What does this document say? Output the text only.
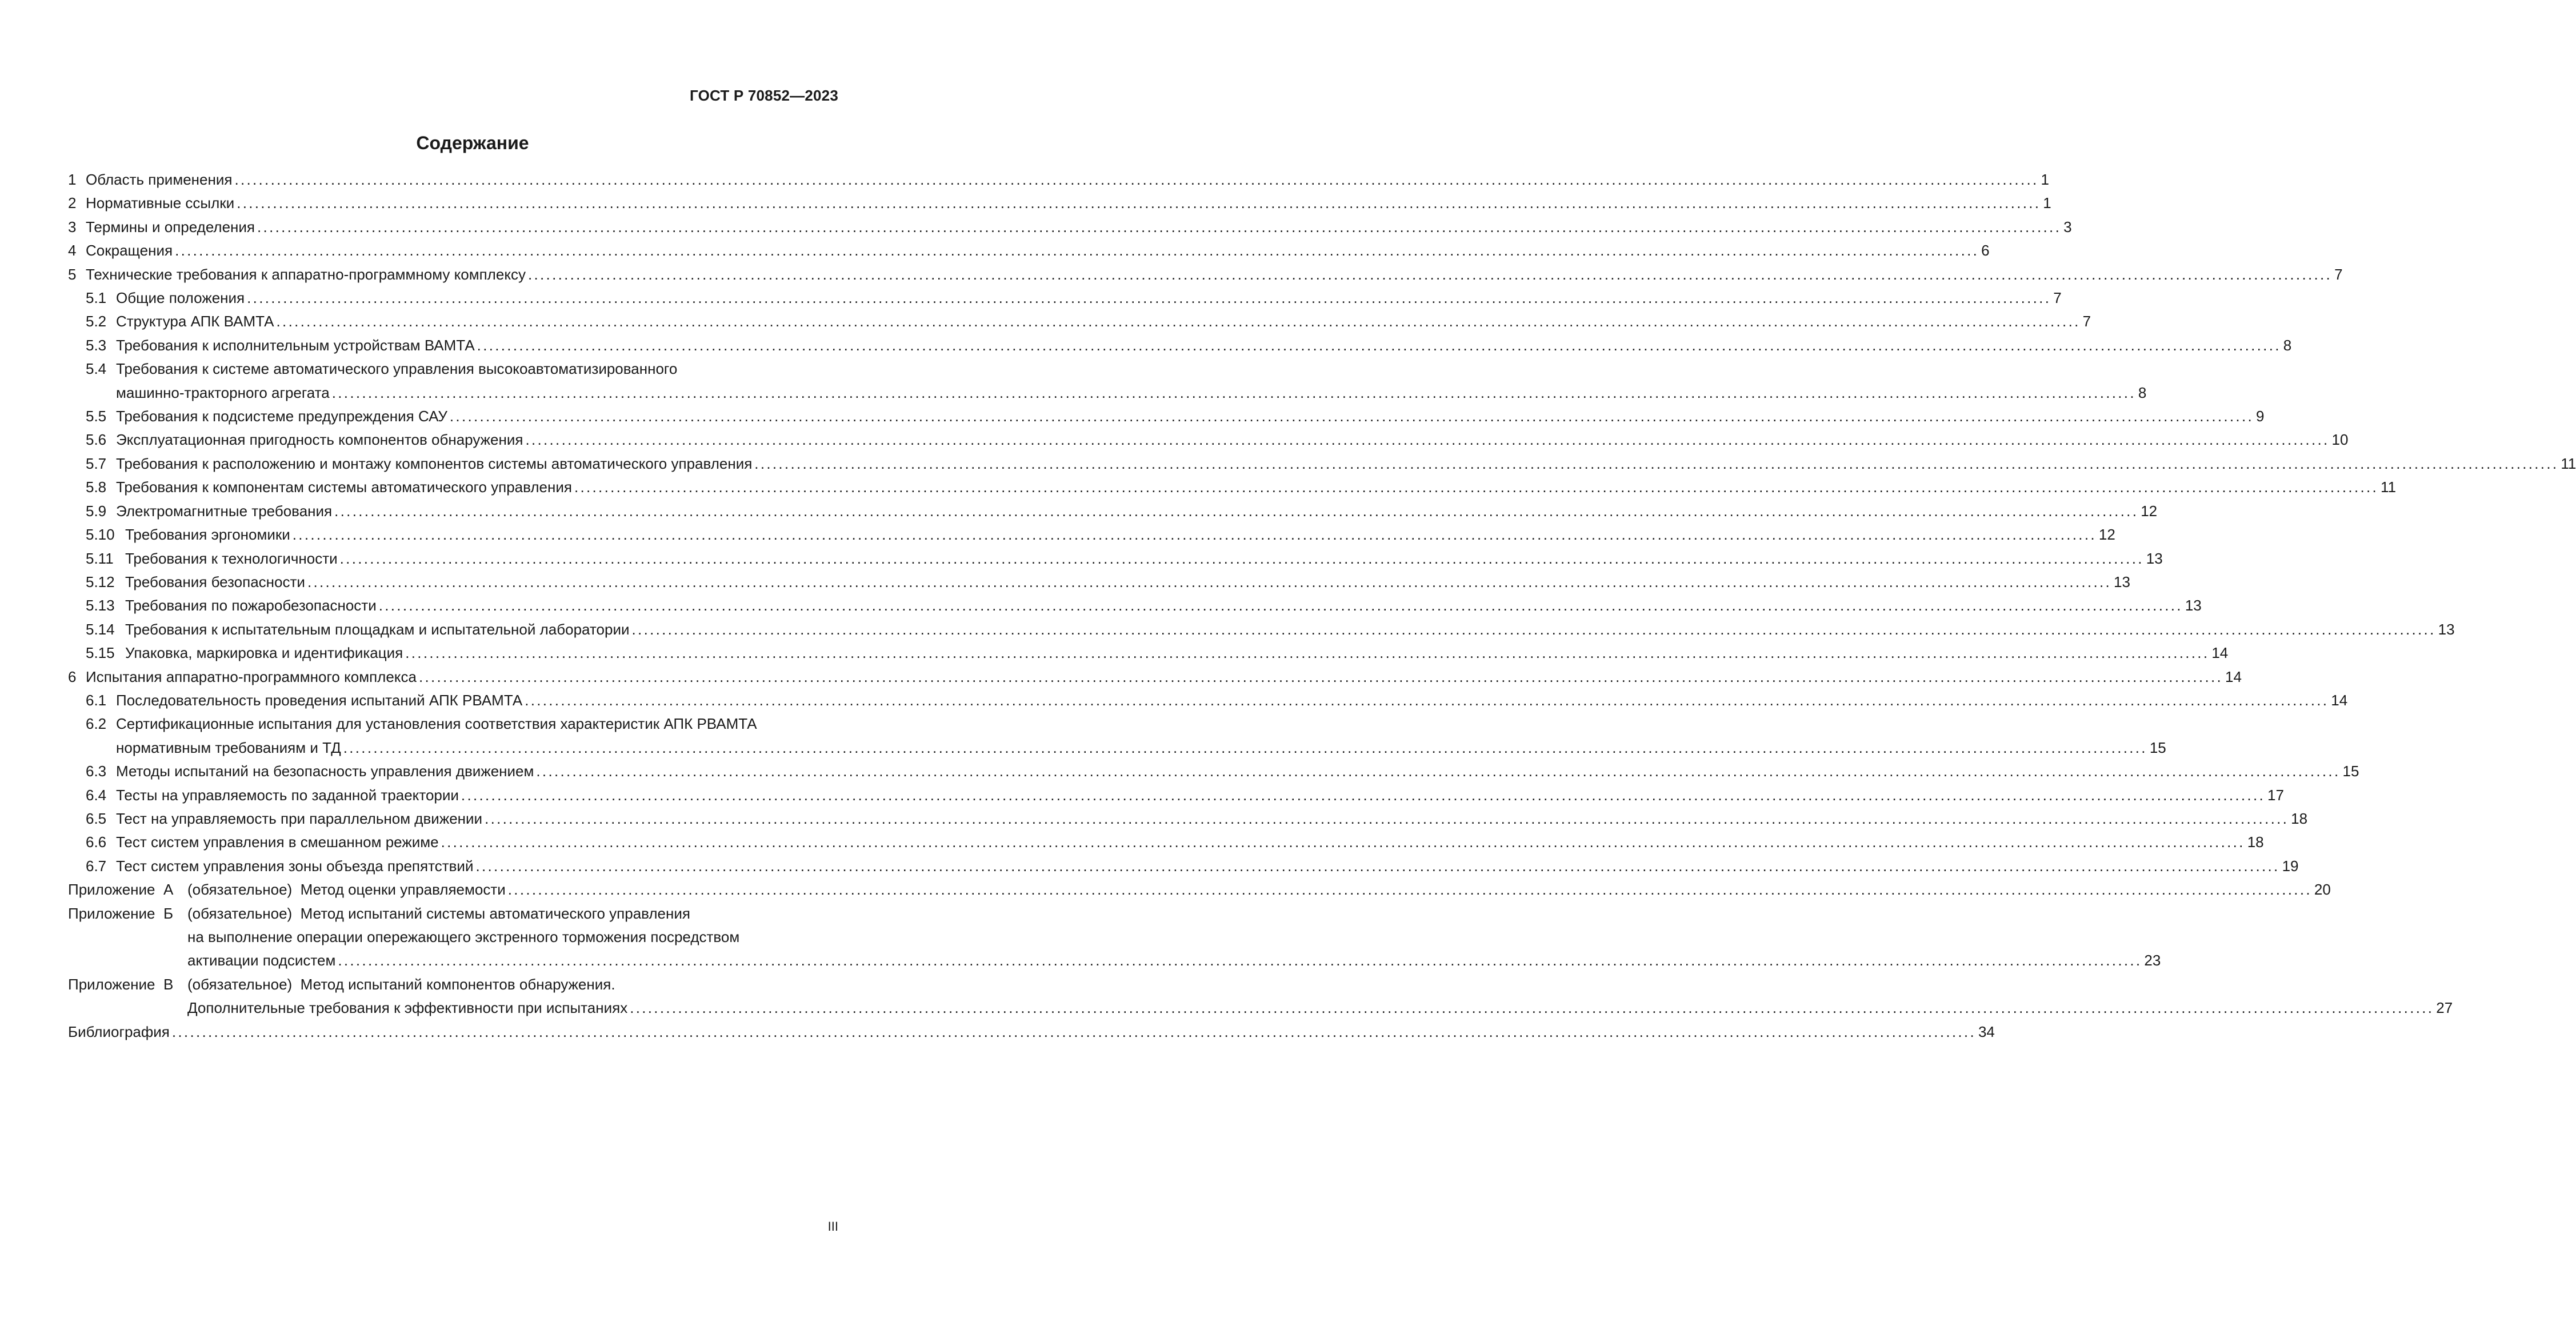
ГОСТ Р 70852—2023
Содержание
1 Область применения ............................................................................................................................................................................................................................................................................................................ 1
2 Нормативные ссылки ............................................................................................................................................................................................................................................................................................................ 1
3 Термины и определения ............................................................................................................................................................................................................................................................................................................ 3
4 Сокращения ............................................................................................................................................................................................................................................................................................................ 6
5 Технические требования к аппаратно-программному комплексу ............................................................................................................................................................................................................................................................................................................ 7
5.1 Общие положения ............................................................................................................................................................................................................................................................................................................ 7
5.2 Структура АПК ВАМТА ............................................................................................................................................................................................................................................................................................................ 7
5.3 Требования к исполнительным устройствам ВАМТА ............................................................................................................................................................................................................................................................................................................ 8
5.4 Требования к системе автоматического управления высокоавтоматизированного
машинно-тракторного агрегата ............................................................................................................................................................................................................................................................................................................ 8
5.5 Требования к подсистеме предупреждения САУ ............................................................................................................................................................................................................................................................................................................ 9
5.6 Эксплуатационная пригодность компонентов обнаружения ............................................................................................................................................................................................................................................................................................................ 10
5.7 Требования к расположению и монтажу компонентов системы автоматического управления ............................................................................................................................................................................................................................................................................................................ 11
5.8 Требования к компонентам системы автоматического управления ............................................................................................................................................................................................................................................................................................................ 11
5.9 Электромагнитные требования ............................................................................................................................................................................................................................................................................................................ 12
5.10 Требования эргономики ............................................................................................................................................................................................................................................................................................................ 12
5.11 Требования к технологичности ............................................................................................................................................................................................................................................................................................................ 13
5.12 Требования безопасности ............................................................................................................................................................................................................................................................................................................ 13
5.13 Требования по пожаробезопасности ............................................................................................................................................................................................................................................................................................................ 13
5.14 Требования к испытательным площадкам и испытательной лаборатории ............................................................................................................................................................................................................................................................................................................ 13
5.15 Упаковка, маркировка и идентификация ............................................................................................................................................................................................................................................................................................................ 14
6 Испытания аппаратно-программного комплекса ............................................................................................................................................................................................................................................................................................................ 14
6.1 Последовательность проведения испытаний АПК РВАМТА ............................................................................................................................................................................................................................................................................................................ 14
6.2 Сертификационные испытания для установления соответствия характеристик АПК РВАМТА
нормативным требованиям и ТД ............................................................................................................................................................................................................................................................................................................ 15
6.3 Методы испытаний на безопасность управления движением ............................................................................................................................................................................................................................................................................................................ 15
6.4 Тесты на управляемость по заданной траектории ............................................................................................................................................................................................................................................................................................................ 17
6.5 Тест на управляемость при параллельном движении ............................................................................................................................................................................................................................................................................................................ 18
6.6 Тест систем управления в смешанном режиме ............................................................................................................................................................................................................................................................................................................ 18
6.7 Тест систем управления зоны объезда препятствий ............................................................................................................................................................................................................................................................................................................ 19
Приложение  А (обязательное)  Метод оценки управляемости ............................................................................................................................................................................................................................................................................................................ 20
Приложение  Б (обязательное)  Метод испытаний системы автоматического управления
на выполнение операции опережающего экстренного торможения посредством
активации подсистем ............................................................................................................................................................................................................................................................................................................ 23
Приложение  В (обязательное)  Метод испытаний компонентов обнаружения.
Дополнительные требования к эффективности при испытаниях ............................................................................................................................................................................................................................................................................................................ 27
Библиография ............................................................................................................................................................................................................................................................................................................ 34
III
